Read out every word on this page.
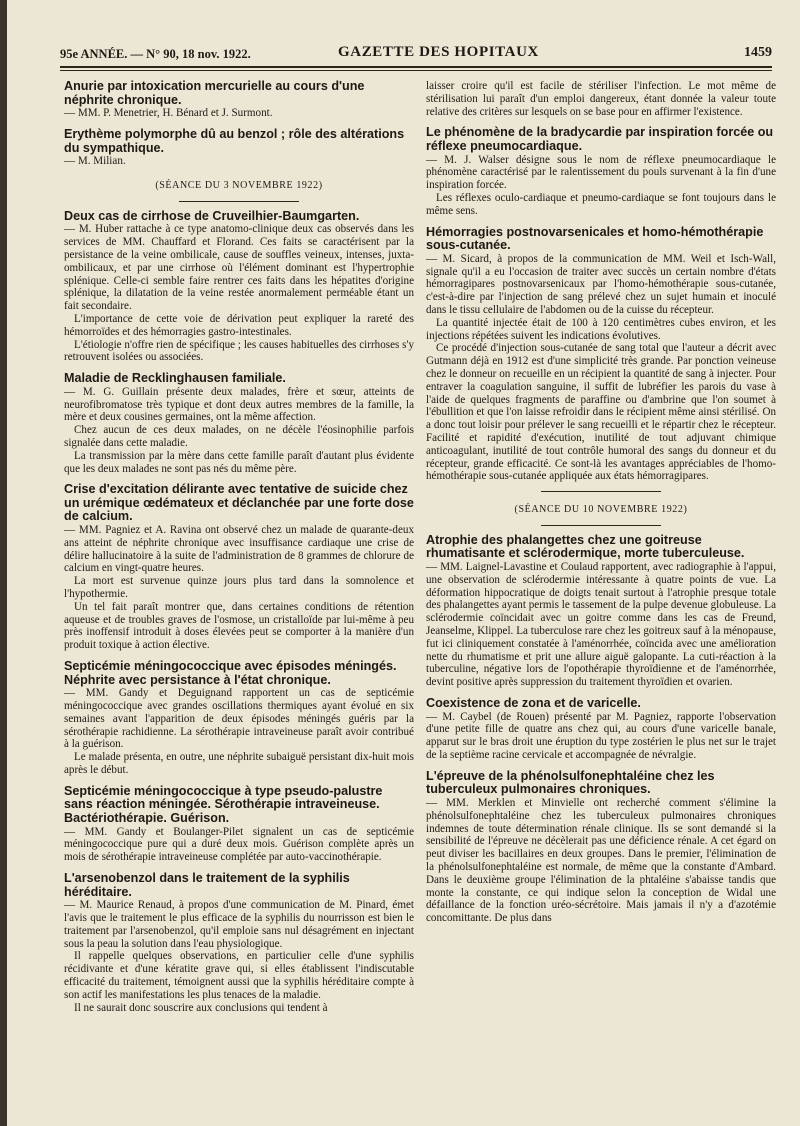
95e ANNÉE. — N° 90, 18 nov. 1922.	GAZETTE DES HOPITAUX	1459

Anurie par intoxication mercurielle au cours d'une néphrite chronique.
— MM. P. Menetrier, H. Bénard et J. Surmont.

Erythème polymorphe dû au benzol ; rôle des altérations du sympathique.
— M. Milian.

(SÉANCE DU 3 NOVEMBRE 1922)

Deux cas de cirrhose de Cruveilhier-Baumgarten.
— M. Huber rattache à ce type anatomo-clinique deux cas observés dans les services de MM. Chauffard et Florand. Ces faits se caractérisent par la persistance de la veine ombilicale, cause de souffles veineux, intenses, juxta-ombilicaux, et par une cirrhose où l'élément dominant est l'hypertrophie splénique. Celle-ci semble faire rentrer ces faits dans les hépatites d'origine splénique, la dilatation de la veine restée anormalement perméable étant un fait secondaire.

L'importance de cette voie de dérivation peut expliquer la rareté des hémorroïdes et des hémorragies gastro-intestinales.

L'étiologie n'offre rien de spécifique ; les causes habituelles des cirrhoses s'y retrouvent isolées ou associées.

Maladie de Recklinghausen familiale.
— M. G. Guillain présente deux malades, frère et sœur, atteints de neurofibromatose très typique et dont deux autres membres de la famille, la mère et deux cousines germaines, ont la même affection.

Chez aucun de ces deux malades, on ne décèle l'éosinophilie parfois signalée dans cette maladie.

La transmission par la mère dans cette famille paraît d'autant plus évidente que les deux malades ne sont pas nés du même père.

Crise d'excitation délirante avec tentative de suicide chez un urémique œdémateux et déclanchée par une forte dose de calcium.
— MM. Pagniez et A. Ravina ont observé chez un malade de quarante-deux ans atteint de néphrite chronique avec insuffisance cardiaque une crise de délire hallucinatoire à la suite de l'administration de 8 grammes de chlorure de calcium en vingt-quatre heures.

La mort est survenue quinze jours plus tard dans la somnolence et l'hypothermie.

Un tel fait paraît montrer que, dans certaines conditions de rétention aqueuse et de troubles graves de l'osmose, un cristalloïde par lui-même à peu près inoffensif introduit à doses élevées peut se comporter à la manière d'un produit toxique à action élective.

Septicémie méningococcique avec épisodes méningés. Néphrite avec persistance à l'état chronique.
— MM. Gandy et Deguignand rapportent un cas de septicémie méningococcique avec grandes oscillations thermiques ayant évolué en six semaines avant l'apparition de deux épisodes méningés guéris par la sérothérapie rachidienne. La sérothérapie intraveineuse paraît avoir contribué à la guérison.

Le malade présenta, en outre, une néphrite subaiguë persistant dix-huit mois après le début.

Septicémie méningococcique à type pseudo-palustre sans réaction méningée. Sérothérapie intraveineuse. Bactériothérapie. Guérison.
— MM. Gandy et Boulanger-Pilet signalent un cas de septicémie méningococcique pure qui a duré deux mois. Guérison complète après un mois de sérothérapie intraveineuse complétée par auto-vaccinothérapie.

L'arsenobenzol dans le traitement de la syphilis héréditaire.
— M. Maurice Renaud, à propos d'une communication de M. Pinard, émet l'avis que le traitement le plus efficace de la syphilis du nourrisson est bien le traitement par l'arsenobenzol, qu'il emploie sans nul désagrément en injectant sous la peau la solution dans l'eau physiologique.

Il rappelle quelques observations, en particulier celle d'une syphilis récidivante et d'une kératite grave qui, si elles établissent l'indiscutable efficacité du traitement, témoignent aussi que la syphilis héréditaire compte à son actif les manifestations les plus tenaces de la maladie.

Il ne saurait donc souscrire aux conclusions qui tendent à

laisser croire qu'il est facile de stériliser l'infection. Le mot même de stérilisation lui paraît d'un emploi dangereux, étant donnée la valeur toute relative des critères sur lesquels on se base pour en affirmer l'existence.

Le phénomène de la bradycardie par inspiration forcée ou réflexe pneumocardiaque.
— M. J. Walser désigne sous le nom de réflexe pneumocardiaque le phénomène caractérisé par le ralentissement du pouls survenant à la fin d'une inspiration forcée.

Les réflexes oculo-cardiaque et pneumo-cardiaque se font toujours dans le même sens.

Hémorragies postnovarsenicales et homo-hémothérapie sous-cutanée.
— M. Sicard, à propos de la communication de MM. Weil et Isch-Wall, signale qu'il a eu l'occasion de traiter avec succès un certain nombre d'états hémorragipares postnovarsenicaux par l'homo-hémothérapie sous-cutanée, c'est-à-dire par l'injection de sang prélevé chez un sujet humain et inoculé dans le tissu cellulaire de l'abdomen ou de la cuisse du récepteur.

La quantité injectée était de 100 à 120 centimètres cubes environ, et les injections répétées suivent les indications évolutives.

Ce procédé d'injection sous-cutanée de sang total que l'auteur a décrit avec Gutmann déjà en 1912 est d'une simplicité très grande. Par ponction veineuse chez le donneur on recueille en un récipient la quantité de sang à injecter. Pour entraver la coagulation sanguine, il suffit de lubréfier les parois du vase à l'aide de quelques fragments de paraffine ou d'ambrine que l'on soumet à l'ébullition et que l'on laisse refroidir dans le récipient même ainsi stérilisé. On a donc tout loisir pour prélever le sang recueilli et le répartir chez le récepteur. Facilité et rapidité d'exécution, inutilité de tout adjuvant chimique anticoagulant, inutilité de tout contrôle humoral des sangs du donneur et du récepteur, grande efficacité. Ce sont-là les avantages appréciables de l'homo-hémothérapie sous-cutanée appliquée aux états hémorragipares.

(SÉANCE DU 10 NOVEMBRE 1922)

Atrophie des phalangettes chez une goitreuse rhumatisante et sclérodermique, morte tuberculeuse.
— MM. Laignel-Lavastine et Coulaud rapportent, avec radiographie à l'appui, une observation de sclérodermie intéressante à quatre points de vue. La déformation hippocratique de doigts tenait surtout à l'atrophie presque totale des phalangettes ayant permis le tassement de la pulpe devenue globuleuse. La sclérodermie coïncidait avec un goitre comme dans les cas de Freund, Jeanselme, Klippel. La tuberculose rare chez les goitreux sauf à la ménopause, fut ici cliniquement constatée à l'aménorrhée, coïncida avec une amélioration nette du rhumatisme et prit une allure aiguë galopante. La cuti-réaction à la tuberculine, négative lors de l'opothérapie thyroïdienne et de l'aménorrhée, devint positive après suppression du traitement thyroïdien et ovarien.

Coexistence de zona et de varicelle.
— M. Caybel (de Rouen) présenté par M. Pagniez, rapporte l'observation d'une petite fille de quatre ans chez qui, au cours d'une varicelle banale, apparut sur le bras droit une éruption du type zostérien le plus net sur le trajet de la septième racine cervicale et accompagnée de névralgie.

L'épreuve de la phénolsulfonephtaléine chez les tuberculeux pulmonaires chroniques.
— MM. Merklen et Minvielle ont recherché comment s'élimine la phénolsulfonephtaléine chez les tuberculeux pulmonaires chroniques indemnes de toute détermination rénale clinique. Ils se sont demandé si la sensibilité de l'épreuve ne décèlerait pas une déficience rénale. A cet égard on peut diviser les bacillaires en deux groupes. Dans le premier, l'élimination de la phénolsulfonephtaléine est normale, de même que la constante d'Ambard. Dans le deuxième groupe l'élimination de la phtaléine s'abaisse tandis que monte la constante, ce qui indique selon la conception de Widal une défaillance de la fonction uréo-sécrétoire. Mais jamais il n'y a d'azotémie concomittante. De plus dans
